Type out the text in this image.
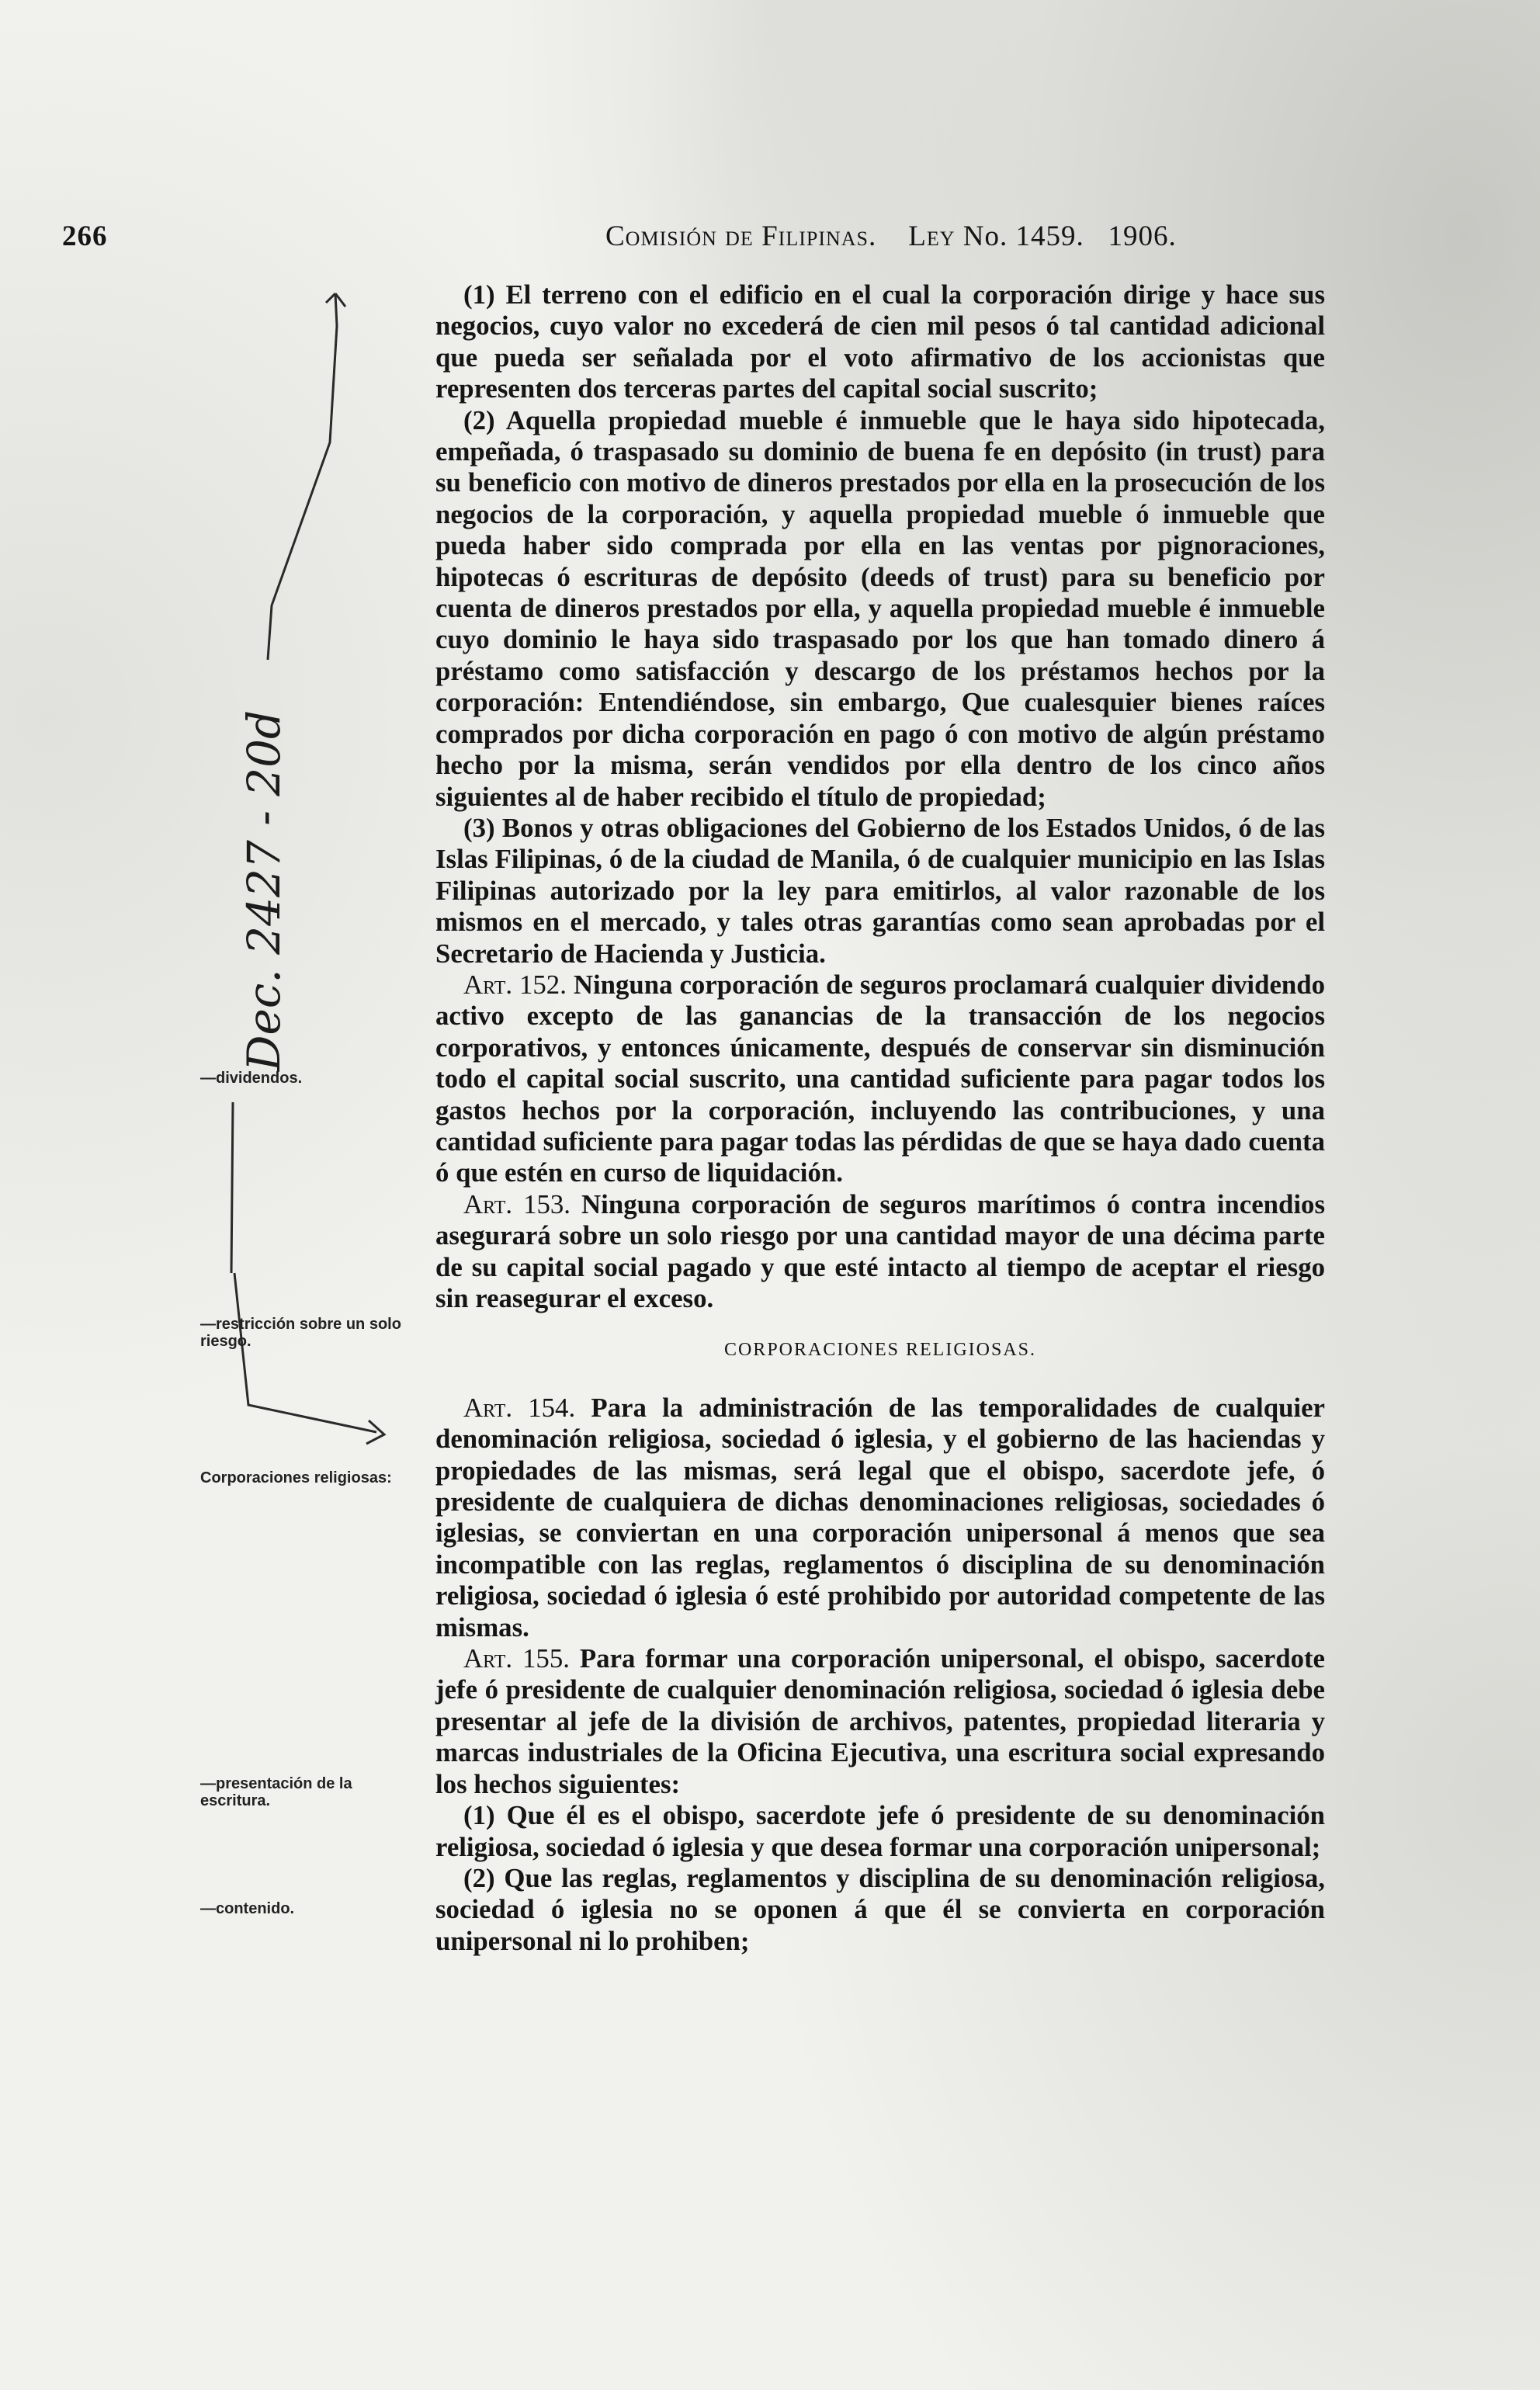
266	Comisión de Filipinas. Ley No. 1459. 1906.
Dec. 2427 - 20d
—dividendos.
—restricción sobre un solo riesgo.
Corporaciones religiosas:
—presentación de la escritura.
—contenido.

(1) El terreno con el edificio en el cual la corporación dirige y hace sus negocios, cuyo valor no excederá de cien mil pesos ó tal cantidad adicional que pueda ser señalada por el voto afirmativo de los accionistas que representen dos terceras partes del capital social suscrito;

(2) Aquella propiedad mueble é inmueble que le haya sido hipotecada, empeñada, ó traspasado su dominio de buena fe en depósito (in trust) para su beneficio con motivo de dineros prestados por ella en la prosecución de los negocios de la corporación, y aquella propiedad mueble ó inmueble que pueda haber sido comprada por ella en las ventas por pignoraciones, hipotecas ó escrituras de depósito (deeds of trust) para su beneficio por cuenta de dineros prestados por ella, y aquella propiedad mueble é inmueble cuyo dominio le haya sido traspasado por los que han tomado dinero á préstamo como satisfacción y descargo de los préstamos hechos por la corporación: Entendiéndose, sin embargo, Que cualesquier bienes raíces comprados por dicha corporación en pago ó con motivo de algún préstamo hecho por la misma, serán vendidos por ella dentro de los cinco años siguientes al de haber recibido el título de propiedad;

(3) Bonos y otras obligaciones del Gobierno de los Estados Unidos, ó de las Islas Filipinas, ó de la ciudad de Manila, ó de cualquier municipio en las Islas Filipinas autorizado por la ley para emitirlos, al valor razonable de los mismos en el mercado, y tales otras garantías como sean aprobadas por el Secretario de Hacienda y Justicia.

Art. 152. Ninguna corporación de seguros proclamará cualquier dividendo activo excepto de las ganancias de la transacción de los negocios corporativos, y entonces únicamente, después de conservar sin disminución todo el capital social suscrito, una cantidad suficiente para pagar todos los gastos hechos por la corporación, incluyendo las contribuciones, y una cantidad suficiente para pagar todas las pérdidas de que se haya dado cuenta ó que estén en curso de liquidación.

Art. 153. Ninguna corporación de seguros marítimos ó contra incendios asegurará sobre un solo riesgo por una cantidad mayor de una décima parte de su capital social pagado y que esté intacto al tiempo de aceptar el riesgo sin reasegurar el exceso.

CORPORACIONES RELIGIOSAS.

Art. 154. Para la administración de las temporalidades de cualquier denominación religiosa, sociedad ó iglesia, y el gobierno de las haciendas y propiedades de las mismas, será legal que el obispo, sacerdote jefe, ó presidente de cualquiera de dichas denominaciones religiosas, sociedades ó iglesias, se conviertan en una corporación unipersonal á menos que sea incompatible con las reglas, reglamentos ó disciplina de su denominación religiosa, sociedad ó iglesia ó esté prohibido por autoridad competente de las mismas.

Art. 155. Para formar una corporación unipersonal, el obispo, sacerdote jefe ó presidente de cualquier denominación religiosa, sociedad ó iglesia debe presentar al jefe de la división de archivos, patentes, propiedad literaria y marcas industriales de la Oficina Ejecutiva, una escritura social expresando los hechos siguientes:

(1) Que él es el obispo, sacerdote jefe ó presidente de su denominación religiosa, sociedad ó iglesia y que desea formar una corporación unipersonal;

(2) Que las reglas, reglamentos y disciplina de su denominación religiosa, sociedad ó iglesia no se oponen á que él se convierta en corporación unipersonal ni lo prohiben;
